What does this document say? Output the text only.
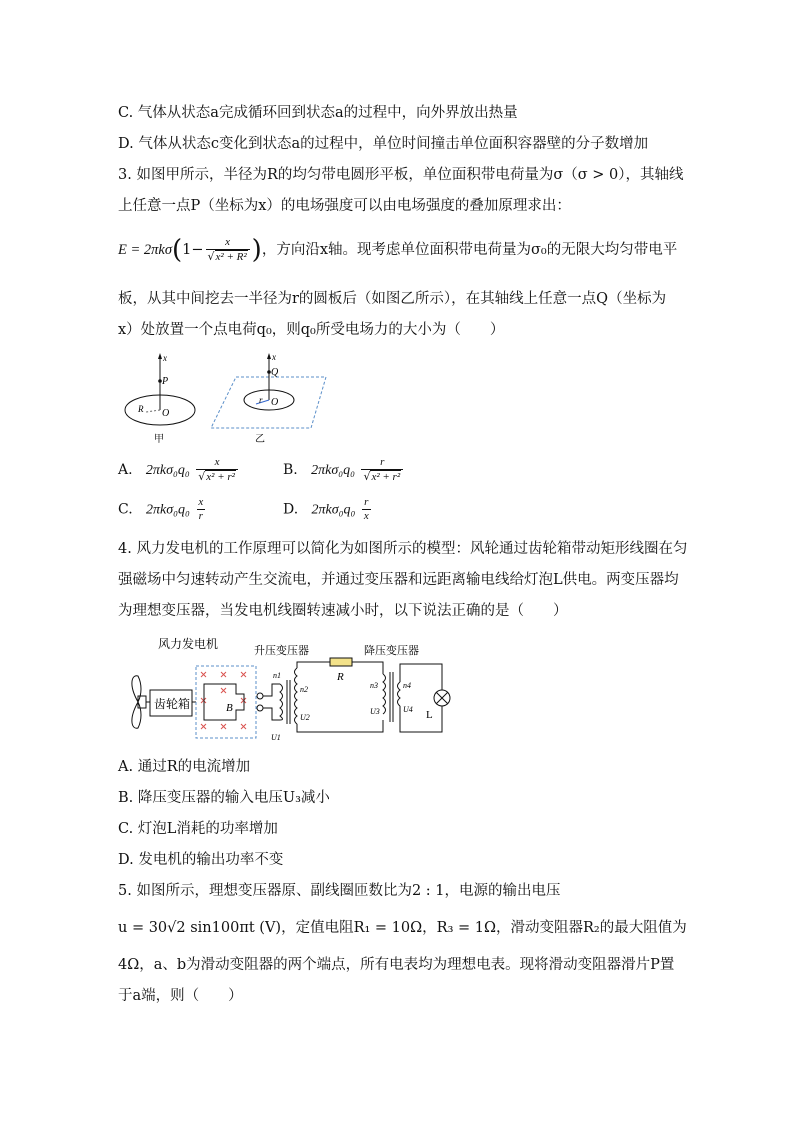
C. 气体从状态a完成循环回到状态a的过程中，向外界放出热量
D. 气体从状态c变化到状态a的过程中，单位时间撞击单位面积容器壁的分子数增加
3. 如图甲所示，半径为R的均匀带电圆形平板，单位面积带电荷量为σ（σ > 0），其轴线
上任意一点P（坐标为x）的电场强度可以由电场强度的叠加原理求出：
$E = 2\pi k\sigma(1- \frac{x}{\text{√x² + R²}}$ )，方向沿x轴。现考虑单位面积带电荷量为σ₀的无限大均匀带电平
板，从其中间挖去一半径为r的圆板后（如图乙所示），在其轴线上任意一点Q（坐标为
x）处放置一个点电荷q₀，则q₀所受电场力的大小为（　　）
x
P
R O
甲
x
Q
r O
乙
A. $2\pi k\sigma_0q_0 \frac{x}{\text{√x² + r²}}$	B. $2\pi k\sigma_0q_0 \frac{r}{\text{√x² + r²}}$
C. $2\pi k\sigma_0q_0 \frac{x}{r}$	D. $2\pi k\sigma_0q_0 \frac{r}{x}$
4. 风力发电机的工作原理可以简化为如图所示的模型：风轮通过齿轮箱带动矩形线圈在匀
强磁场中匀速转动产生交流电，并通过变压器和远距离输电线给灯泡L供电。两变压器均
为理想变压器，当发电机线圈转速减小时，以下说法正确的是（　　）
风力发电机	升压变压器	降压变压器
齿轮箱	B
n1
n2
U2
U1
R
n3
U3
n4
U4 L
A. 通过R的电流增加
B. 降压变压器的输入电压U₃减小
C. 灯泡L消耗的功率增加
D. 发电机的输出功率不变
5. 如图所示，理想变压器原、副线圈匝数比为2 : 1，电源的输出电压
u = 30√2 sin100πt (V)，定值电阻R₁ = 10Ω，R₃ = 1Ω，滑动变阻器R₂的最大阻值为
4Ω，a、b为滑动变阻器的两个端点，所有电表均为理想电表。现将滑动变阻器滑片P置
于a端，则（　　）
